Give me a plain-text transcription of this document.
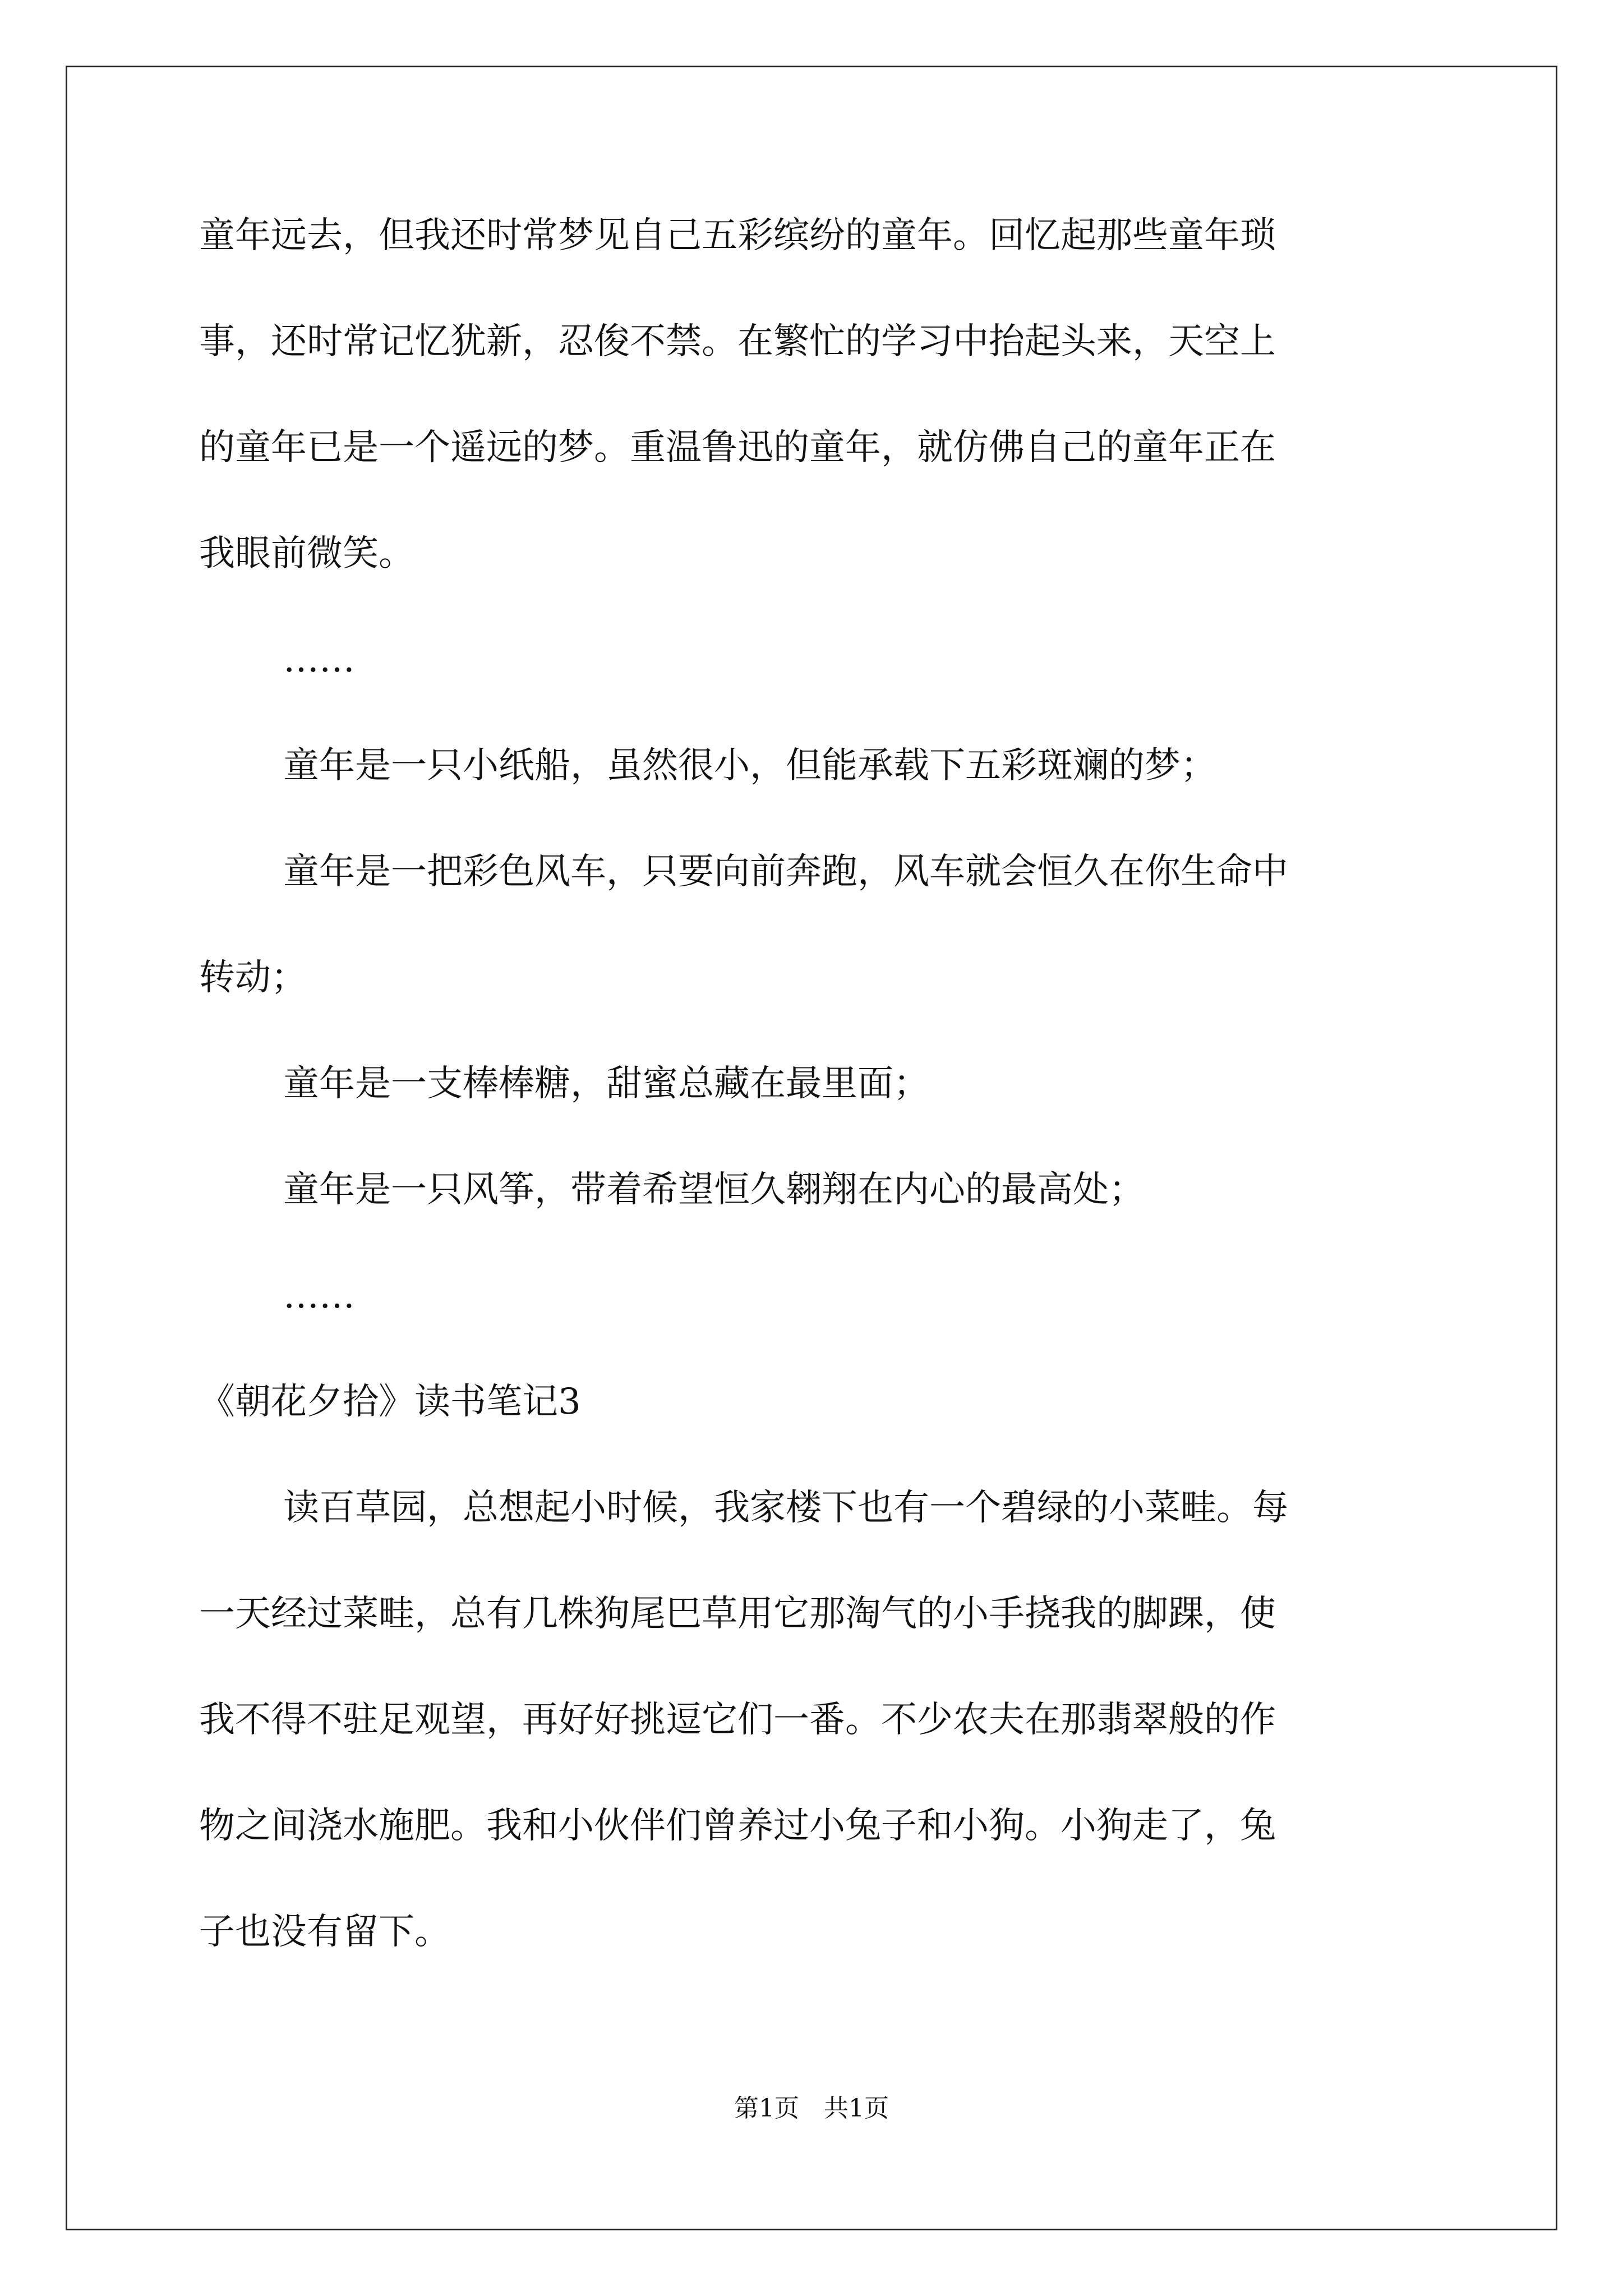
童年远去，但我还时常梦见自己五彩缤纷的童年。回忆起那些童年琐
事，还时常记忆犹新，忍俊不禁。在繁忙的学习中抬起头来，天空上
的童年已是一个遥远的梦。重温鲁迅的童年，就仿佛自己的童年正在
我眼前微笑。
……
童年是一只小纸船，虽然很小，但能承载下五彩斑斓的梦；
童年是一把彩色风车，只要向前奔跑，风车就会恒久在你生命中
转动；
童年是一支棒棒糖，甜蜜总藏在最里面；
童年是一只风筝，带着希望恒久翱翔在内心的最高处；
……
《朝花夕拾》读书笔记3
读百草园，总想起小时候，我家楼下也有一个碧绿的小菜畦。每
一天经过菜畦，总有几株狗尾巴草用它那淘气的小手挠我的脚踝，使
我不得不驻足观望，再好好挑逗它们一番。不少农夫在那翡翠般的作
物之间浇水施肥。我和小伙伴们曾养过小兔子和小狗。小狗走了，兔
子也没有留下。
第1页　共1页
